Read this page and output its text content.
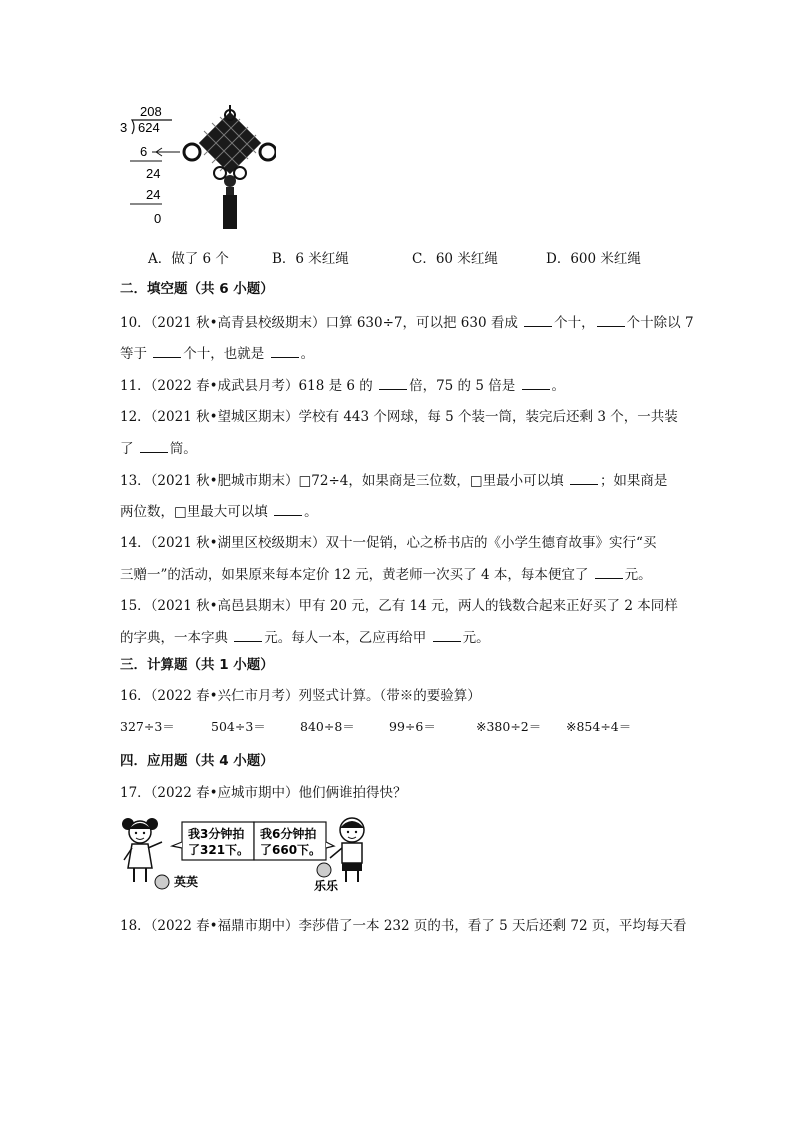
208
3 624
6
24
24
0
A．做了 6 个	B．6 米红绳	C．60 米红绳	D．600 米红绳
二．填空题（共 6 小题）
10．（2021 秋•高青县校级期末）口算 630÷7，可以把 630 看成	个十， 个十除以 7
等于	个十，也就是	。
11．（2022 春•成武县月考）618 是 6 的	倍，75 的 5 倍是	。
12．（2021 秋•望城区期末）学校有 443 个网球，每 5 个装一筒，装完后还剩 3 个，一共装
了	筒。
13．（2021 秋•肥城市期末）□72÷4，如果商是三位数，□里最小可以填	；如果商是
两位数，□里最大可以填	。
14．（2021 秋•湖里区校级期末）双十一促销，心之桥书店的《小学生德育故事》实行“买
三赠一”的活动，如果原来每本定价 12 元，黄老师一次买了 4 本，每本便宜了	元。
15．（2021 秋•高邑县期末）甲有 20 元，乙有 14 元，两人的钱数合起来正好买了 2 本同样
的字典，一本字典	元。每人一本，乙应再给甲	元。
三．计算题（共 1 小题）
16．（2022 春•兴仁市月考）列竖式计算。（带※的要验算）
327÷3＝	504÷3＝	840÷8＝	99÷6＝	※380÷2＝ ※854÷4＝
四．应用题（共 4 小题）
17．（2022 春•应城市期中）他们俩谁拍得快？
英英
我3分钟拍
了321下。
我6分钟拍
了660下。
乐乐
18．（2022 春•福鼎市期中）李莎借了一本 232 页的书，看了 5 天后还剩 72 页，平均每天看
